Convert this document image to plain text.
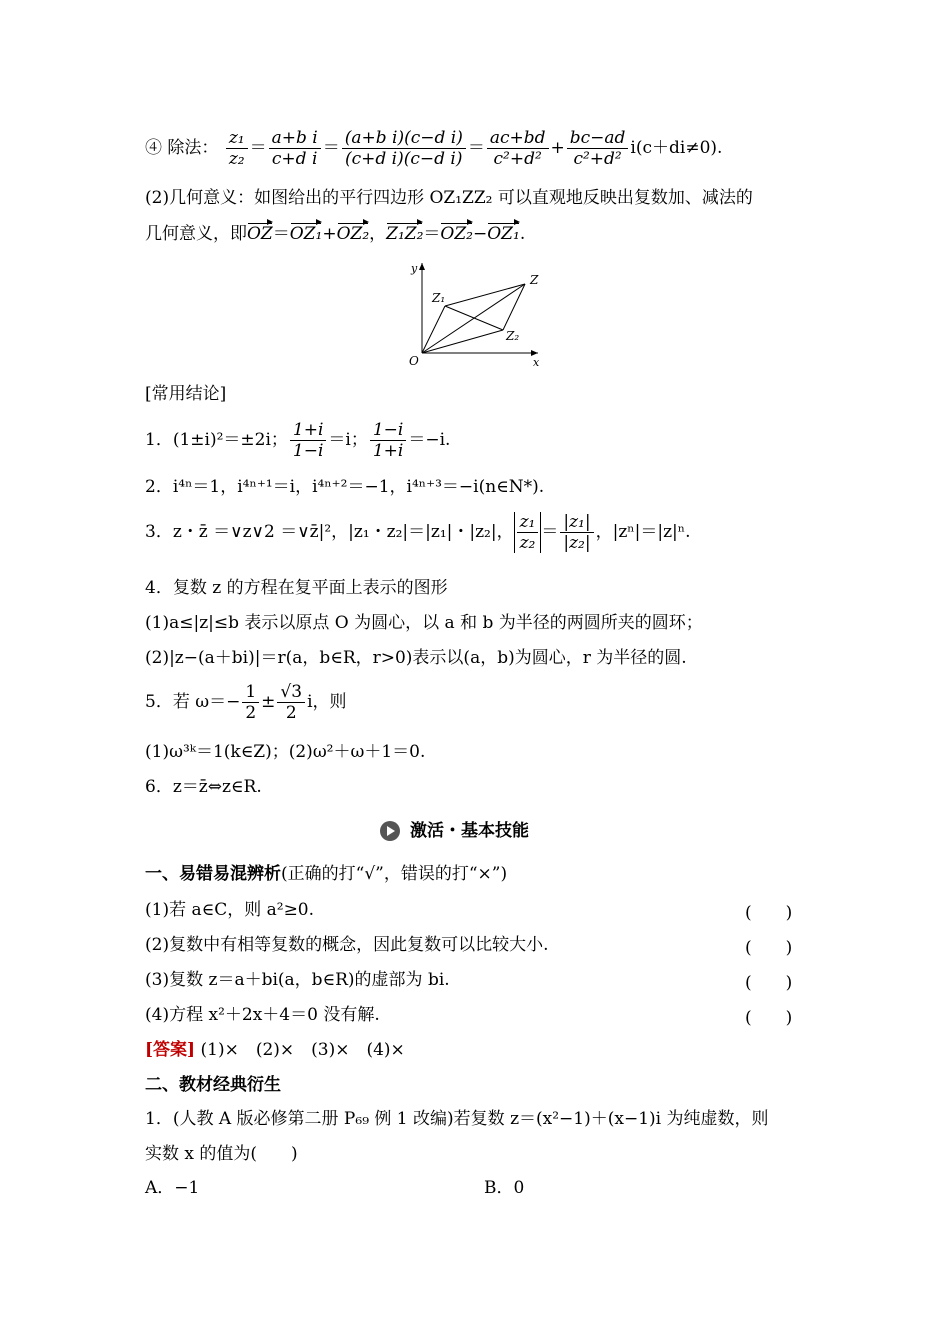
④ 除法： $\frac{\text{z₁}}{\text{z₂}} = \frac{\text{a+b i}}{\text{c+d i}} = \frac{\text{(a+b i)(c−d i)}}{\text{(c+d i)(c−d i)}} = \frac{ac+bd}{\text{c²+d²}} + \frac{bc-ad}{\text{c²+d²}} i(c+di\ne 0)$.
(2)几何意义：如图给出的平行四边形 OZ₁ZZ₂ 可以直观地反映出复数加、减法的
几何意义，即OZ＝OZ₁+OZ₂，Z₁Z₂＝OZ₂−OZ₁.
y
x
O
Z
Z₁
Z₂
[常用结论]
1．(1±i)²＝±2i； $\frac{1+i}{1-i} =i$； $\frac{1-i}{1+i} =-i$.
2．i⁴ⁿ＝1，i⁴ⁿ⁺¹＝i，i⁴ⁿ⁺²＝−1，i⁴ⁿ⁺³＝−i(n∈N*).
3．z・z̄ ＝∨z∨2 ＝∨z̄|²，|z₁・z₂|＝|z₁|・|z₂|， $\frac{\text{z₁}}{\text{z₂}} = \frac{\text{|z₁|}}{\text{|z₂|}}$ ，|zⁿ|＝|z|ⁿ.
4．复数 z 的方程在复平面上表示的图形
(1)a≤|z|≤b 表示以原点 O 为圆心，以 a 和 b 为半径的两圆所夹的圆环；
(2)|z−(a＋bi)|＝r(a，b∈R，r>0)表示以(a，b)为圆心，r 为半径的圆.
5．若 $\omega=- \frac{1}{2} \pm \frac{√3}{2}$ i，则
(1)ω³ᵏ＝1(k∈Z)；(2)ω²＋ω＋1＝0.
6．z＝z̄⇔z∈R.
激活・基本技能
一、易错易混辨析(正确的打“√”，错误的打“×”)
(1)若 a∈C，则 a²≥0.	(　　)
(2)复数中有相等复数的概念，因此复数可以比较大小.	(　　)
(3)复数 z＝a＋bi(a，b∈R)的虚部为 bi.	(　　)
(4)方程 x²＋2x＋4＝0 没有解.	(　　)
[答案] (1)×　(2)×　(3)×　(4)×
二、教材经典衍生
1．(人教 A 版必修第二册 P₆₉ 例 1 改编)若复数 z＝(x²−1)＋(x−1)i 为纯虚数，则
实数 x 的值为(　　)
A．−1	B．0
